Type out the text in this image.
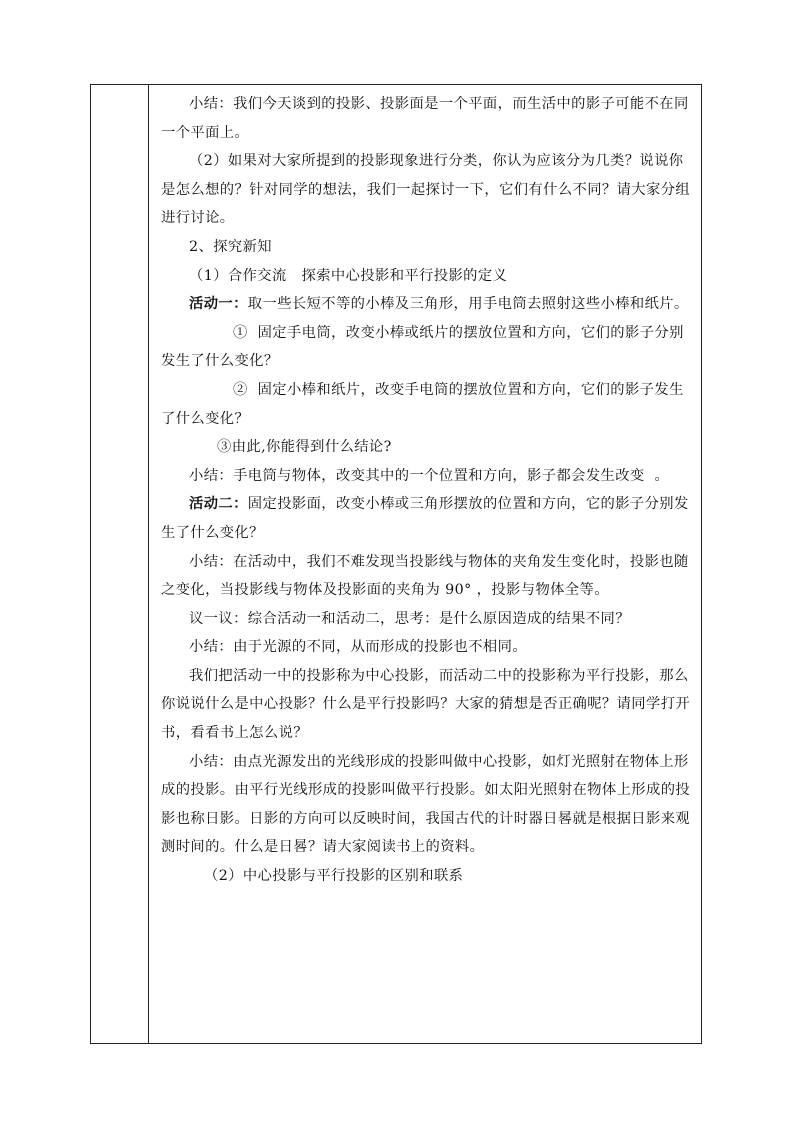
小结：我们今天谈到的投影、投影面是一个平面，而生活中的影子可能不在同一个平面上。

（2）如果对大家所提到的投影现象进行分类，你认为应该分为几类？说说你是怎么想的？针对同学的想法，我们一起探讨一下，它们有什么不同？请大家分组进行讨论。

2、探究新知

（1）合作交流   探索中心投影和平行投影的定义

活动一：取一些长短不等的小棒及三角形，用手电筒去照射这些小棒和纸片。

①  固定手电筒，改变小棒或纸片的摆放位置和方向，它们的影子分别发生了什么变化？

②  固定小棒和纸片，改变手电筒的摆放位置和方向，它们的影子发生了什么变化？

③由此,你能得到什么结论?

小结：手电筒与物体，改变其中的一个位置和方向，影子都会发生改变  。

活动二：固定投影面，改变小棒或三角形摆放的位置和方向，它的影子分别发生了什么变化？

小结：在活动中，我们不难发现当投影线与物体的夹角发生变化时，投影也随之变化，当投影线与物体及投影面的夹角为 90° ，投影与物体全等。

议一议：综合活动一和活动二，思考：是什么原因造成的结果不同？

小结：由于光源的不同，从而形成的投影也不相同。

我们把活动一中的投影称为中心投影，而活动二中的投影称为平行投影，那么你说说什么是中心投影？什么是平行投影吗？大家的猜想是否正确呢？请同学打开书，看看书上怎么说？

小结：由点光源发出的光线形成的投影叫做中心投影，如灯光照射在物体上形成的投影。由平行光线形成的投影叫做平行投影。如太阳光照射在物体上形成的投影也称日影。日影的方向可以反映时间，我国古代的计时器日晷就是根据日影来观测时间的。什么是日晷？请大家阅读书上的资料。

（2）中心投影与平行投影的区别和联系
